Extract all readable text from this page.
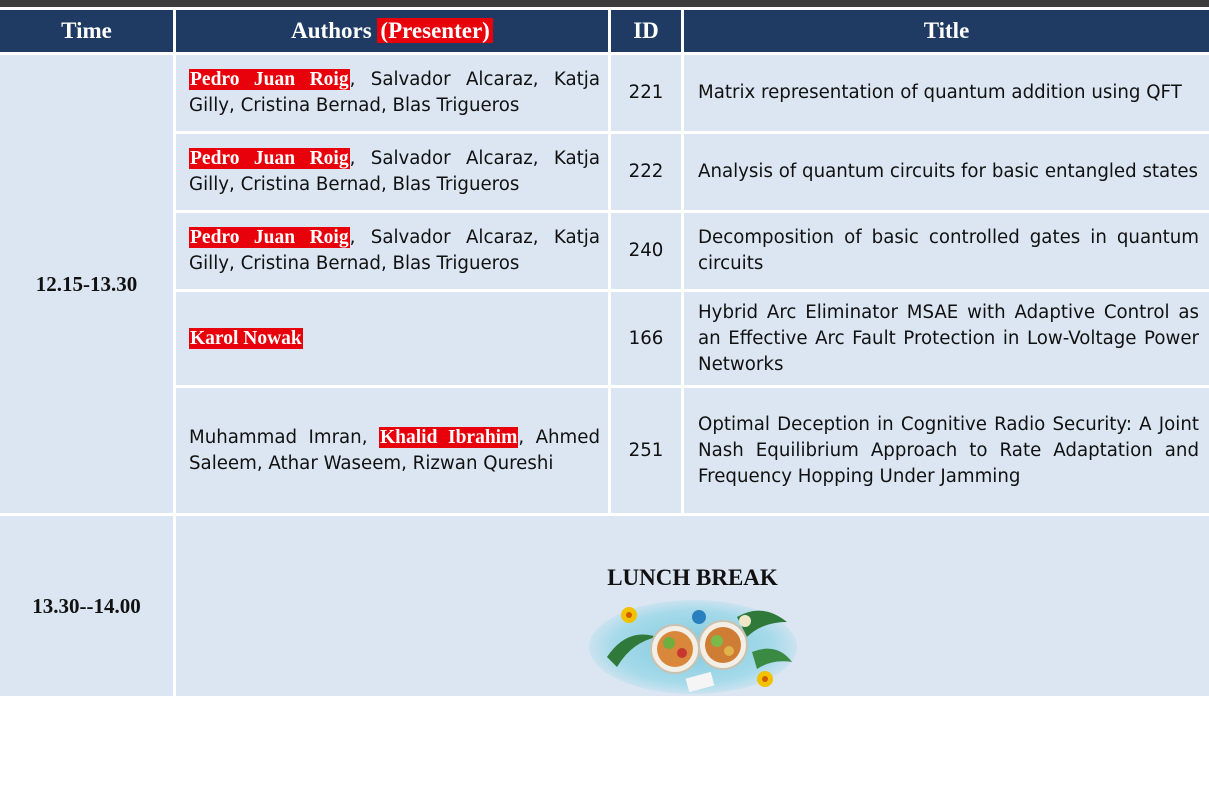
Time	Authors (Presenter)	ID	Title
12.15-13.30	Pedro Juan Roig, Salvador Alcaraz, Katja Gilly, Cristina Bernad, Blas Trigueros	221	Matrix representation of quantum addition using QFT
	Pedro Juan Roig, Salvador Alcaraz, Katja Gilly, Cristina Bernad, Blas Trigueros	222	Analysis of quantum circuits for basic entangled states
	Pedro Juan Roig, Salvador Alcaraz, Katja Gilly, Cristina Bernad, Blas Trigueros	240	Decomposition of basic controlled gates in quantum circuits
	Karol Nowak	166	Hybrid Arc Eliminator MSAE with Adaptive Control as an Effective Arc Fault Protection in Low-Voltage Power Networks
	Muhammad Imran, Khalid Ibrahim, Ahmed Saleem, Athar Waseem, Rizwan Qureshi	251	Optimal Deception in Cognitive Radio Security: A Joint Nash Equilibrium Approach to Rate Adaptation and Frequency Hopping Under Jamming
13.30--14.00	LUNCH BREAK		
